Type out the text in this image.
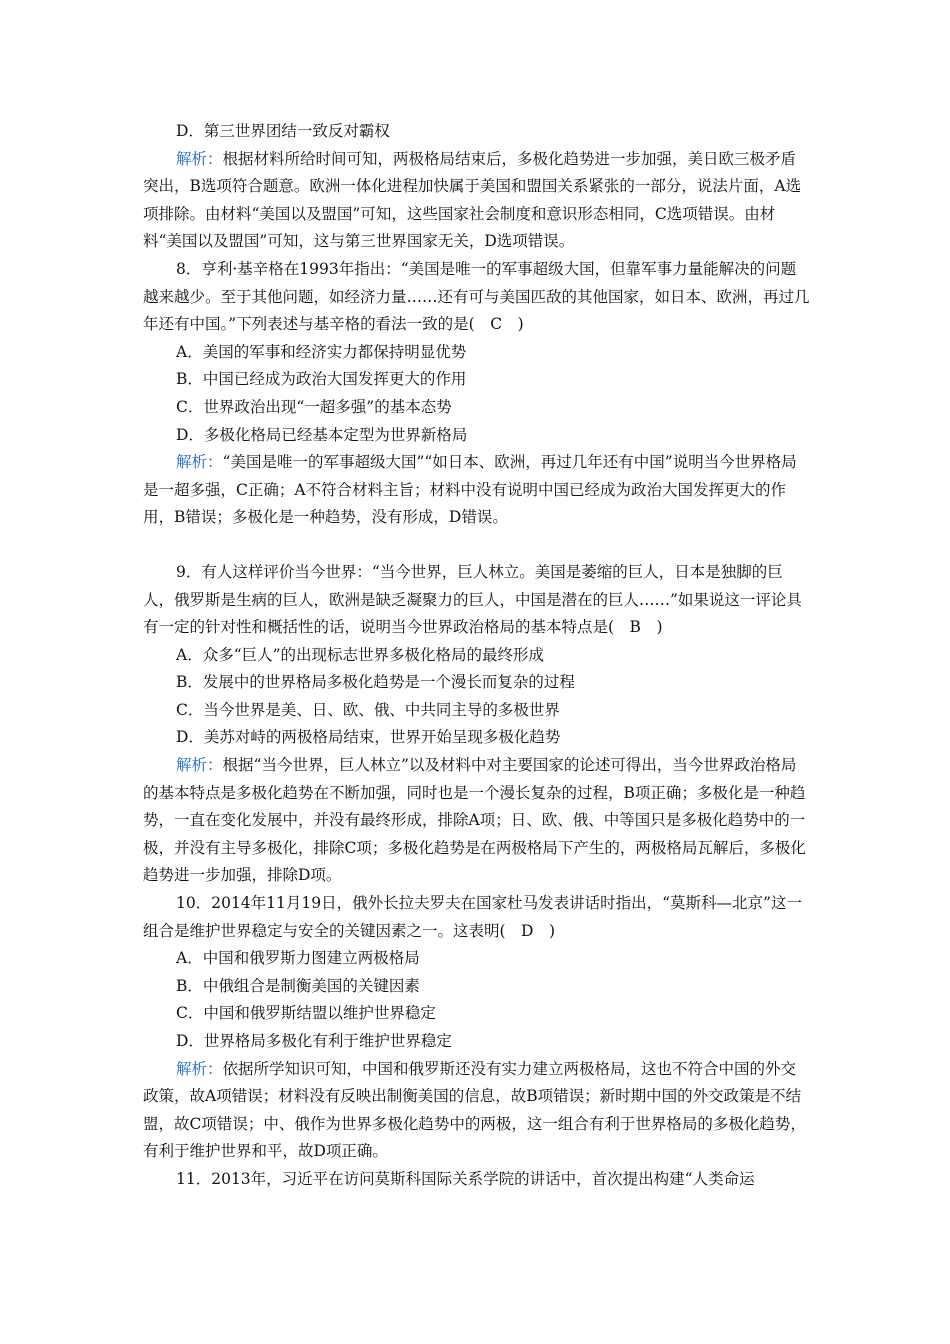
D．第三世界团结一致反对霸权

解析：根据材料所给时间可知，两极格局结束后，多极化趋势进一步加强，美日欧三极矛盾突出，B选项符合题意。欧洲一体化进程加快属于美国和盟国关系紧张的一部分，说法片面，A选项排除。由材料“美国以及盟国”可知，这些国家社会制度和意识形态相同，C选项错误。由材料“美国以及盟国”可知，这与第三世界国家无关，D选项错误。

8．亨利·基辛格在1993年指出：“美国是唯一的军事超级大国，但靠军事力量能解决的问题越来越少。至于其他问题，如经济力量……还有可与美国匹敌的其他国家，如日本、欧洲，再过几年还有中国。”下列表述与基辛格的看法一致的是(　C　)

A．美国的军事和经济实力都保持明显优势

B．中国已经成为政治大国发挥更大的作用

C．世界政治出现“一超多强”的基本态势

D．多极化格局已经基本定型为世界新格局

解析：“美国是唯一的军事超级大国”“如日本、欧洲，再过几年还有中国”说明当今世界格局是一超多强，C正确；A不符合材料主旨；材料中没有说明中国已经成为政治大国发挥更大的作用，B错误；多极化是一种趋势，没有形成，D错误。

9．有人这样评价当今世界：“当今世界，巨人林立。美国是萎缩的巨人，日本是独脚的巨人，俄罗斯是生病的巨人，欧洲是缺乏凝聚力的巨人，中国是潜在的巨人……”如果说这一评论具有一定的针对性和概括性的话，说明当今世界政治格局的基本特点是(　B　)

A．众多“巨人”的出现标志世界多极化格局的最终形成

B．发展中的世界格局多极化趋势是一个漫长而复杂的过程

C．当今世界是美、日、欧、俄、中共同主导的多极世界

D．美苏对峙的两极格局结束，世界开始呈现多极化趋势

解析：根据“当今世界，巨人林立”以及材料中对主要国家的论述可得出，当今世界政治格局的基本特点是多极化趋势在不断加强，同时也是一个漫长复杂的过程，B项正确；多极化是一种趋势，一直在变化发展中，并没有最终形成，排除A项；日、欧、俄、中等国只是多极化趋势中的一极，并没有主导多极化，排除C项；多极化趋势是在两极格局下产生的，两极格局瓦解后，多极化趋势进一步加强，排除D项。

10．2014年11月19日，俄外长拉夫罗夫在国家杜马发表讲话时指出，“莫斯科—北京”这一组合是维护世界稳定与安全的关键因素之一。这表明(　D　)

A．中国和俄罗斯力图建立两极格局

B．中俄组合是制衡美国的关键因素

C．中国和俄罗斯结盟以维护世界稳定

D．世界格局多极化有利于维护世界稳定

解析：依据所学知识可知，中国和俄罗斯还没有实力建立两极格局，这也不符合中国的外交政策，故A项错误；材料没有反映出制衡美国的信息，故B项错误；新时期中国的外交政策是不结盟，故C项错误；中、俄作为世界多极化趋势中的两极，这一组合有利于世界格局的多极化趋势，有利于维护世界和平，故D项正确。

11．2013年，习近平在访问莫斯科国际关系学院的讲话中，首次提出构建“人类命运
